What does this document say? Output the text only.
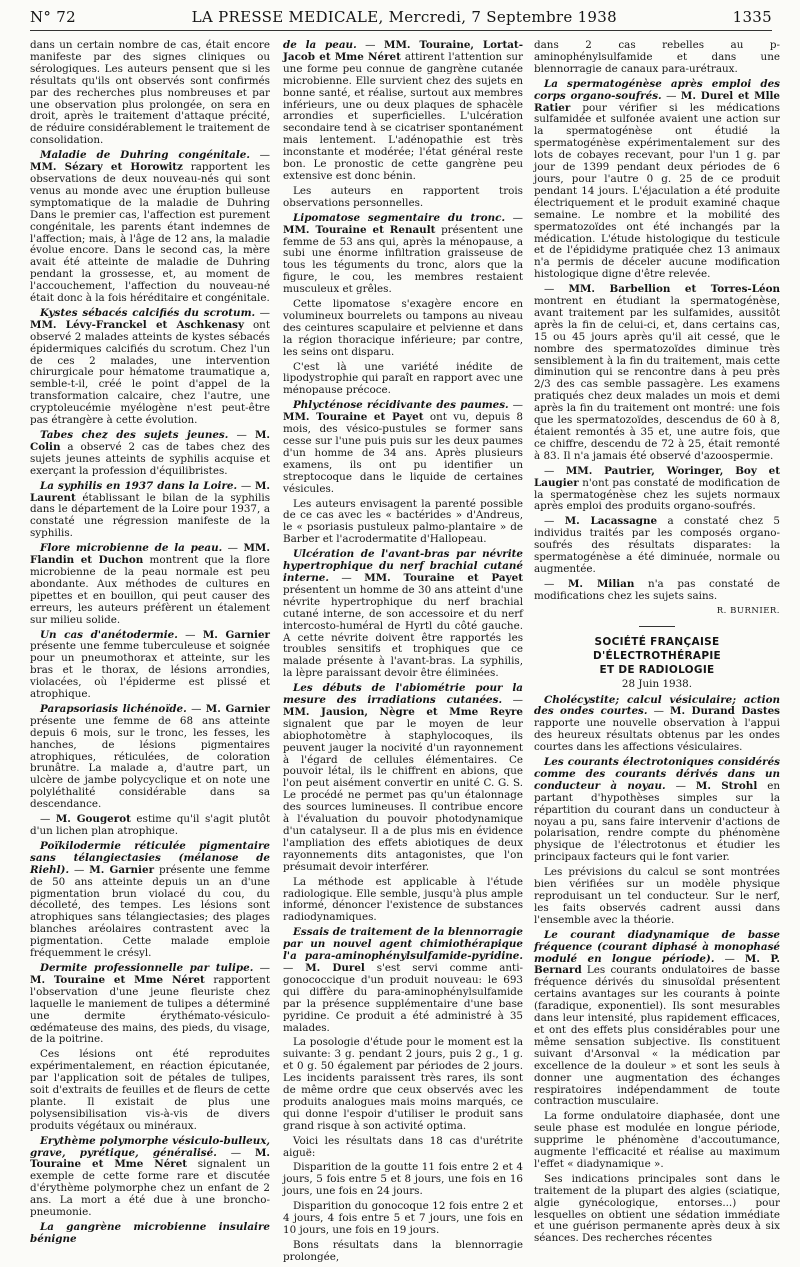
N° 72	LA PRESSE MEDICALE, Mercredi, 7 Septembre 1938	1335

dans un certain nombre de cas, était encore manifeste par des signes cliniques ou sérologiques. Les auteurs pensent que si les résultats qu'ils ont observés sont confirmés par des recherches plus nombreuses et par une observation plus prolongée, on sera en droit, après le traitement d'attaque précité, de réduire considérablement le traitement de consolidation.

Maladie de Duhring congénitale. — MM. Sézary et Horowitz rapportent les observations de deux nouveau-nés qui sont venus au monde avec une éruption bulleuse symptomatique de la maladie de Duhring Dans le premier cas, l'affection est purement congénitale, les parents étant indemnes de l'affection; mais, à l'âge de 12 ans, la maladie évolue encore. Dans le second cas, la mère avait été atteinte de maladie de Duhring pendant la grossesse, et, au moment de l'accouchement, l'affection du nouveau-né était donc à la fois héréditaire et congénitale.

Kystes sébacés calcifiés du scrotum. — MM. Lévy-Franckel et Aschkenasy ont observé 2 malades atteints de kystes sébacés épidermiques calcifiés du scrotum. Chez l'un de ces 2 malades, une intervention chirurgicale pour hématome traumatique a, semble-t-il, créé le point d'appel de la transformation calcaire, chez l'autre, une cryptoleucémie myélogène n'est peut-être pas étrangère à cette évolution.

Tabes chez des sujets jeunes. — M. Colin a observé 2 cas de tabes chez des sujets jeunes atteints de syphilis acquise et exerçant la profession d'équilibristes.

La syphilis en 1937 dans la Loire. — M. Laurent établissant le bilan de la syphilis dans le département de la Loire pour 1937, a constaté une régression manifeste de la syphilis.

Flore microbienne de la peau. — MM. Flandin et Duchon montrent que la flore microbienne de la peau normale est peu abondante. Aux méthodes de cultures en pipettes et en bouillon, qui peut causer des erreurs, les auteurs préfèrent un étalement sur milieu solide.

Un cas d'anétodermie. — M. Garnier présente une femme tuberculeuse et soignée pour un pneumothorax et atteinte, sur les bras et le thorax, de lésions arrondies, violacées, où l'épiderme est plissé et atrophique.

Parapsoriasis lichénoïde. — M. Garnier présente une femme de 68 ans atteinte depuis 6 mois, sur le tronc, les fesses, les hanches, de lésions pigmentaires atrophiques, réticulées, de coloration brunâtre. La malade a, d'autre part, un ulcère de jambe polycyclique et on note une polyléthalité considérable dans sa descendance.

— M. Gougerot estime qu'il s'agit plutôt d'un lichen plan atrophique.

Poïkilodermie réticulée pigmentaire sans télangiectasies (mélanose de Riehl). — M. Garnier présente une femme de 50 ans atteinte depuis un an d'une pigmentation brun violacé du cou, du décolleté, des tempes. Les lésions sont atrophiques sans télangiectasies; des plages blanches aréolaires contrastent avec la pigmentation. Cette malade emploie fréquemment le crésyl.

Dermite professionnelle par tulipe. — M. Touraine et Mme Néret rapportent l'observation d'une jeune fleuriste chez laquelle le maniement de tulipes a déterminé une dermite érythémato-vésiculo-œdémateuse des mains, des pieds, du visage, de la poitrine.

Ces lésions ont été reproduites expérimentalement, en réaction épicutanée, par l'application soit de pétales de tulipes, soit d'extraits de feuilles et de fleurs de cette plante. Il existait de plus une polysensibilisation vis-à-vis de divers produits végétaux ou minéraux.

Erythème polymorphe vésiculo-bulleux, grave, pyrétique, généralisé. — M. Touraine et Mme Néret signalent un exemple de cette forme rare et discutée d'érythème polymorphe chez un enfant de 2 ans. La mort a été due à une broncho-pneumonie.

La gangrène microbienne insulaire bénigne

de la peau. — MM. Touraine, Lortat-Jacob et Mme Néret attirent l'attention sur une forme peu connue de gangrène cutanée microbienne. Elle survient chez des sujets en bonne santé, et réalise, surtout aux membres inférieurs, une ou deux plaques de sphacèle arrondies et superficielles. L'ulcération secondaire tend à se cicatriser spontanément mais lentement. L'adénopathie est très inconstante et modérée; l'état général reste bon. Le pronostic de cette gangrène peu extensive est donc bénin.

Les auteurs en rapportent trois observations personnelles.

Lipomatose segmentaire du tronc. — MM. Touraine et Renault présentent une femme de 53 ans qui, après la ménopause, a subi une énorme infiltration graisseuse de tous les téguments du tronc, alors que la figure, le cou, les membres restaient musculeux et grêles.

Cette lipomatose s'exagère encore en volumineux bourrelets ou tampons au niveau des ceintures scapulaire et pelvienne et dans la région thoracique inférieure; par contre, les seins ont disparu.

C'est là une variété inédite de lipodystrophie qui paraît en rapport avec une ménopause précoce.

Phlycténose récidivante des paumes. — MM. Touraine et Payet ont vu, depuis 8 mois, des vésico-pustules se former sans cesse sur l'une puis puis sur les deux paumes d'un homme de 34 ans. Après plusieurs examens, ils ont pu identifier un streptocoque dans le liquide de certaines vésicules.

Les auteurs envisagent la parenté possible de ce cas avec les « bactérides » d'Andreus, le « psoriasis pustuleux palmo-plantaire » de Barber et l'acrodermatite d'Hallopeau.

Ulcération de l'avant-bras par névrite hypertrophique du nerf brachial cutané interne. — MM. Touraine et Payet présentent un homme de 30 ans atteint d'une névrite hypertrophique du nerf brachial cutané interne, de son accessoire et du nerf intercosto-huméral de Hyrtl du côté gauche. A cette névrite doivent être rapportés les troubles sensitifs et trophiques que ce malade présente à l'avant-bras. La syphilis, la lèpre paraissant devoir être éliminées.

Les débuts de l'abiométrie pour la mesure des irradiations cutanées. — MM. Jausion, Nègre et Mme Reyre signalent que par le moyen de leur abiophotomètre à staphylocoques, ils peuvent jauger la nocivité d'un rayonnement à l'égard de cellules élémentaires. Ce pouvoir létal, ils le chiffrent en abions, que l'on peut aisément convertir en unité C. G. S. Le procédé ne permet pas qu'un étalonnage des sources lumineuses. Il contribue encore à l'évaluation du pouvoir photodynamique d'un catalyseur. Il a de plus mis en évidence l'ampliation des effets abiotiques de deux rayonnements dits antagonistes, que l'on présumait devoir interférer.

La méthode est applicable à l'étude radiologique. Elle semble, jusqu'à plus ample informé, dénoncer l'existence de substances radiodynamiques.

Essais de traitement de la blennorragie par un nouvel agent chimiothérapique l'a para-aminophénylsulfamide-pyridine. — M. Durel s'est servi comme anti-gonococcique d'un produit nouveau: le 693 qui diffère du para-aminophénylsulfamide par la présence supplémentaire d'une base pyridine. Ce produit a été administré à 35 malades.

La posologie d'étude pour le moment est la suivante: 3 g. pendant 2 jours, puis 2 g., 1 g. et 0 g. 50 également par périodes de 2 jours. Les incidents paraissent très rares, ils sont de même ordre que ceux observés avec les produits analogues mais moins marqués, ce qui donne l'espoir d'utiliser le produit sans grand risque à son activité optima.

Voici les résultats dans 18 cas d'urétrite aiguë:

Disparition de la goutte 11 fois entre 2 et 4 jours, 5 fois entre 5 et 8 jours, une fois en 16 jours, une fois en 24 jours.

Disparition du gonocoque 12 fois entre 2 et 4 jours, 4 fois entre 5 et 7 jours, une fois en 10 jours, une fois en 19 jours.

Bons résultats dans la blennorragie prolongée,

dans 2 cas rebelles au p-aminophénylsulfamide et dans une blennorragie de canaux para-urétraux.

La spermatogénèse après emploi des corps organo-soufrés. — M. Durel et Mlle Ratier pour vérifier si les médications sulfamidée et sulfonée avaient une action sur la spermatogénèse ont étudié la spermatogénèse expérimentalement sur des lots de cobayes recevant, pour l'un 1 g. par jour de 1399 pendant deux périodes de 6 jours, pour l'autre 0 g. 25 de ce produit pendant 14 jours. L'éjaculation a été produite électriquement et le produit examiné chaque semaine. Le nombre et la mobilité des spermatozoïdes ont été inchangés par la médication. L'étude histologique du testicule et de l'épididyme pratiquée chez 13 animaux n'a permis de déceler aucune modification histologique digne d'être relevée.

— MM. Barbellion et Torres-Léon montrent en étudiant la spermatogénèse, avant traitement par les sulfamides, aussitôt après la fin de celui-ci, et, dans certains cas, 15 ou 45 jours après qu'il ait cessé, que le nombre des spermatozoïdes diminue très sensiblement à la fin du traitement, mais cette diminution qui se rencontre dans à peu près 2/3 des cas semble passagère. Les examens pratiqués chez deux malades un mois et demi après la fin du traitement ont montré: une fois que les spermatozoïdes, descendus de 60 à 8, étaient remontés à 35 et, une autre fois, que ce chiffre, descendu de 72 à 25, était remonté à 83. Il n'a jamais été observé d'azoospermie.

— MM. Pautrier, Woringer, Boy et Laugier n'ont pas constaté de modification de la spermatogénèse chez les sujets normaux après emploi des produits organo-soufrés.

— M. Lacassagne a constaté chez 5 individus traités par les composés organo-soufrés des résultats disparates: la spermatogénèse a été diminuée, normale ou augmentée.

— M. Milian n'a pas constaté de modifications chez les sujets sains.

R. BURNIER.
SOCIÉTÉ FRANÇAISE D'ÉLECTROTHÉRAPIE
ET DE RADIOLOGIE
28 Juin 1938.

Cholécystite; calcul vésiculaire; action des ondes courtes. — M. Durand Dastes rapporte une nouvelle observation à l'appui des heureux résultats obtenus par les ondes courtes dans les affections vésiculaires.

Les courants électrotoniques considérés comme des courants dérivés dans un conducteur à noyau. — M. Strohl en partant d'hypothèses simples sur la répartition du courant dans un conducteur à noyau a pu, sans faire intervenir d'actions de polarisation, rendre compte du phénomène physique de l'électrotonus et étudier les principaux facteurs qui le font varier.

Les prévisions du calcul se sont montrées bien vérifiées sur un modèle physique reproduisant un tel conducteur. Sur le nerf, les faits observés cadrent aussi dans l'ensemble avec la théorie.

Le courant diadynamique de basse fréquence (courant diphasé à monophasé modulé en longue période). — M. P. Bernard Les courants ondulatoires de basse fréquence dérivés du sinusoïdal présentent certains avantages sur les courants à pointe (faradique, exponentiel). Ils sont mesurables dans leur intensité, plus rapidement efficaces, et ont des effets plus considérables pour une même sensation subjective. Ils constituent suivant d'Arsonval « la médication par excellence de la douleur » et sont les seuls à donner une augmentation des échanges respiratoires indépendamment de toute contraction musculaire.

La forme ondulatoire diaphasée, dont une seule phase est modulée en longue période, supprime le phénomène d'accoutumance, augmente l'efficacité et réalise au maximum l'effet « diadynamique ».

Ses indications principales sont dans le traitement de la plupart des algies (sciatique, algie gynécologique, entorses...) pour lesquelles on obtient une sédation immédiate et une guérison permanente après deux à six séances. Des recherches récentes
